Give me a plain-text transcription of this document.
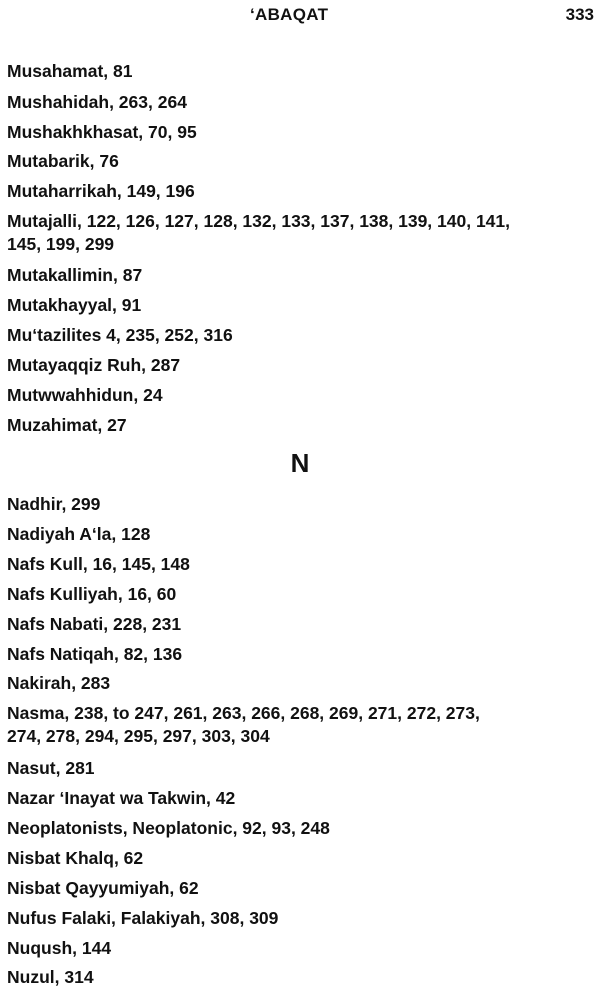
‘ABAQAT	333
Musahamat, 81
Mushahidah, 263, 264
Mushakhkhasat, 70, 95
Mutabarik, 76
Mutaharrikah, 149, 196
Mutajalli, 122, 126, 127, 128, 132, 133, 137, 138, 139, 140, 141,
145, 199, 299
Mutakallimin, 87
Mutakhayyal, 91
Mu‘tazilites 4, 235, 252, 316
Mutayaqqiz Ruh, 287
Mutwwahhidun, 24
Muzahimat, 27
N
Nadhir, 299
Nadiyah A‘la, 128
Nafs Kull, 16, 145, 148
Nafs Kulliyah, 16, 60
Nafs Nabati, 228, 231
Nafs Natiqah, 82, 136
Nakirah, 283
Nasma, 238, to 247, 261, 263, 266, 268, 269, 271, 272, 273,
274, 278, 294, 295, 297, 303, 304
Nasut, 281
Nazar ‘Inayat wa Takwin, 42
Neoplatonists, Neoplatonic, 92, 93, 248
Nisbat Khalq, 62
Nisbat Qayyumiyah, 62
Nufus Falaki, Falakiyah, 308, 309
Nuqush, 144
Nuzul, 314
